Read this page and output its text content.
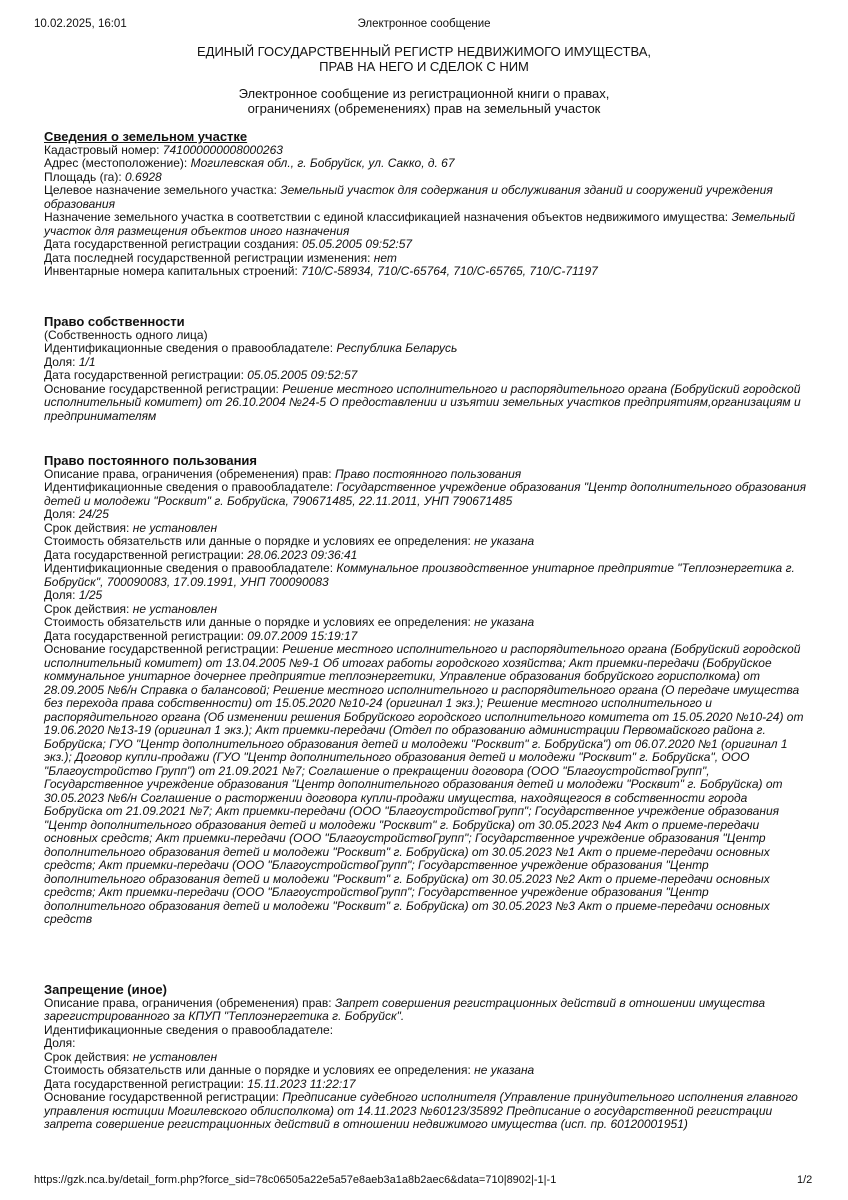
10.02.2025, 16:01	Электронное сообщение
ЕДИНЫЙ ГОСУДАРСТВЕННЫЙ РЕГИСТР НЕДВИЖИМОГО ИМУЩЕСТВА,
ПРАВ НА НЕГО И СДЕЛОК С НИМ
Электронное сообщение из регистрационной книги о правах,
ограничениях (обременениях) прав на земельный участок
Сведения о земельном участке
Кадастровый номер: 741000000008000263
Адрес (местоположение): Могилевская обл., г. Бобруйск, ул. Сакко, д. 67
Площадь (га): 0.6928
Целевое назначение земельного участка: Земельный участок для содержания и обслуживания зданий и сооружений учреждения образования
Назначение земельного участка в соответствии с единой классификацией назначения объектов недвижимого имущества: Земельный участок для размещения объектов иного назначения
Дата государственной регистрации создания: 05.05.2005 09:52:57
Дата последней государственной регистрации изменения: нет
Инвентарные номера капитальных строений: 710/С-58934, 710/С-65764, 710/С-65765, 710/С-71197
Право собственности
(Собственность одного лица)
Идентификационные сведения о правообладателе: Республика Беларусь
Доля: 1/1
Дата государственной регистрации: 05.05.2005 09:52:57
Основание государственной регистрации: Решение местного исполнительного и распорядительного органа (Бобруйский городской исполнительный комитет) от 26.10.2004 №24-5 О предоставлении и изъятии земельных участков предприятиям,организациям и предпринимателям
Право постоянного пользования
Описание права, ограничения (обременения) прав: Право постоянного пользования
Идентификационные сведения о правообладателе: Государственное учреждение образования "Центр дополнительного образования детей и молодежи "Росквит" г. Бобруйска, 790671485, 22.11.2011, УНП 790671485
Доля: 24/25
Срок действия: не установлен
Стоимость обязательств или данные о порядке и условиях ее определения: не указана
Дата государственной регистрации: 28.06.2023 09:36:41
Идентификационные сведения о правообладателе: Коммунальное производственное унитарное предприятие "Теплоэнергетика г. Бобруйск", 700090083, 17.09.1991, УНП 700090083
Доля: 1/25
Срок действия: не установлен
Стоимость обязательств или данные о порядке и условиях ее определения: не указана
Дата государственной регистрации: 09.07.2009 15:19:17
Основание государственной регистрации: Решение местного исполнительного и распорядительного органа (Бобруйский городской исполнительный комитет) от 13.04.2005 №9-1 Об итогах работы городского хозяйства; Акт приемки-передачи (Бобруйское коммунальное унитарное дочернее предприятие теплоэнергетики, Управление образования бобруйского горисполкома) от 28.09.2005 №6/н Справка о балансовой; Решение местного исполнительного и распорядительного органа (О передаче имущества без перехода права собственности) от 15.05.2020 №10-24 (оригинал 1 экз.); Решение местного исполнительного и распорядительного органа (Об изменении решения Бобруйского городского исполнительного комитета от 15.05.2020 №10-24) от 19.06.2020 №13-19 (оригинал 1 экз.); Акт приемки-передачи (Отдел по образованию администрации Первомайского района г. Бобруйска; ГУО "Центр дополнительного образования детей и молодежи "Росквит" г. Бобруйска") от 06.07.2020 №1 (оригинал 1 экз.); Договор купли-продажи (ГУО "Центр дополнительного образования детей и молодежи "Росквит" г. Бобруйска", ООО "Благоустройство Групп") от 21.09.2021 №7; Соглашение о прекращении договора (ООО "БлагоустройствоГрупп", Государственное учреждение образования "Центр дополнительного образования детей и молодежи "Росквит" г. Бобруйска) от 30.05.2023 №6/н Соглашение о расторжении договора купли-продажи имущества, находящегося в собственности города Бобруйска от 21.09.2021 №7; Акт приемки-передачи (ООО "БлагоустройствоГрупп"; Государственное учреждение образования "Центр дополнительного образования детей и молодежи "Росквит" г. Бобруйска) от 30.05.2023 №4 Акт о приеме-передачи основных средств; Акт приемки-передачи (ООО "БлагоустройствоГрупп"; Государственное учреждение образования "Центр дополнительного образования детей и молодежи "Росквит" г. Бобруйска) от 30.05.2023 №1 Акт о приеме-передачи основных средств; Акт приемки-передачи (ООО "БлагоустройствоГрупп"; Государственное учреждение образования "Центр дополнительного образования детей и молодежи "Росквит" г. Бобруйска) от 30.05.2023 №2 Акт о приеме-передачи основных средств; Акт приемки-передачи (ООО "БлагоустройствоГрупп"; Государственное учреждение образования "Центр дополнительного образования детей и молодежи "Росквит" г. Бобруйска) от 30.05.2023 №3 Акт о приеме-передачи основных средств
Запрещение (иное)
Описание права, ограничения (обременения) прав: Запрет совершения регистрационных действий в отношении имущества зарегистрированного за КПУП "Теплоэнергетика г. Бобруйск".
Идентификационные сведения о правообладателе:
Доля:
Срок действия: не установлен
Стоимость обязательств или данные о порядке и условиях ее определения: не указана
Дата государственной регистрации: 15.11.2023 11:22:17
Основание государственной регистрации: Предписание судебного исполнителя (Управление принудительного исполнения главного управления юстиции Могилевского облисполкома) от 14.11.2023 №60123/35892 Предписание о государственной регистрации запрета совершение регистрационных действий в отношении недвижимого имущества (исп. пр. 60120001951)
https://gzk.nca.by/detail_form.php?force_sid=78c06505a22e5a57e8aeb3a1a8b2aec6&data=710|8902|-1|-1	1/2
